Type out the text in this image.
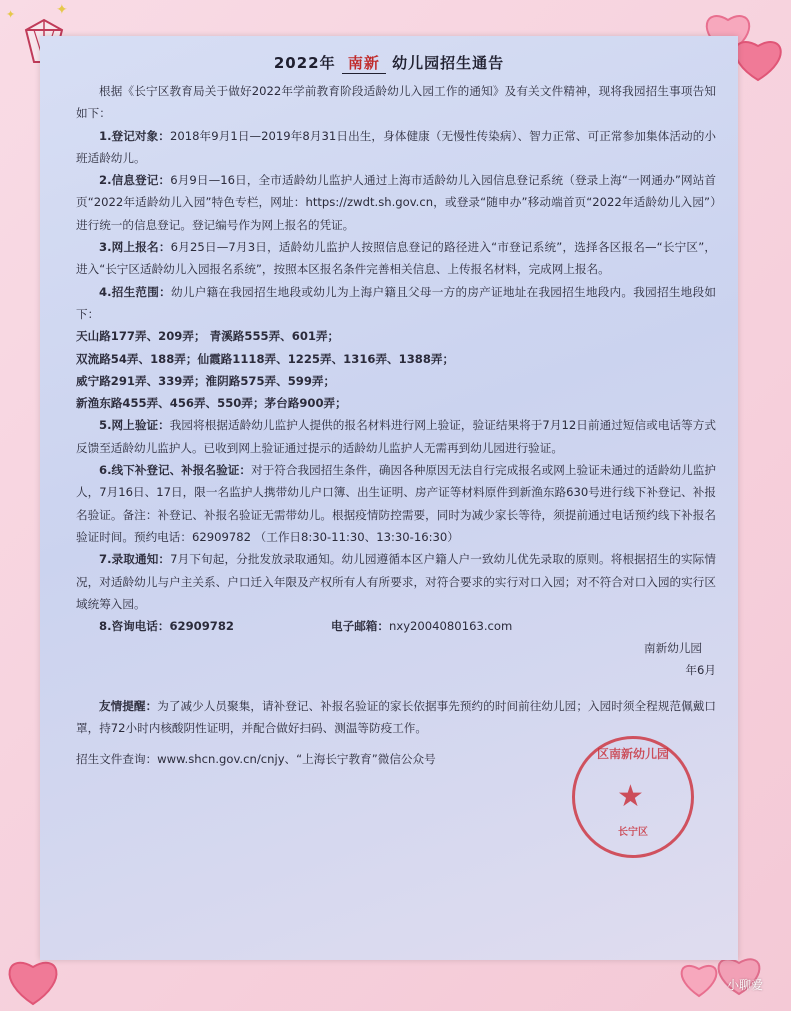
✦
✦
小聊爱
2022年 南新 幼儿园招生通告

根据《长宁区教育局关于做好2022年学前教育阶段适龄幼儿入园工作的通知》及有关文件精神，现将我园招生事项告知如下：

1.登记对象：2018年9月1日—2019年8月31日出生，身体健康（无慢性传染病）、智力正常、可正常参加集体活动的小班适龄幼儿。

2.信息登记：6月9日—16日，全市适龄幼儿监护人通过上海市适龄幼儿入园信息登记系统（登录上海“一网通办”网站首页“2022年适龄幼儿入园”特色专栏，网址：https://zwdt.sh.gov.cn，或登录“随申办”移动端首页“2022年适龄幼儿入园”）进行统一的信息登记。登记编号作为网上报名的凭证。

3.网上报名：6月25日—7月3日，适龄幼儿监护人按照信息登记的路径进入“市登记系统”，选择各区报名—“长宁区”，进入“长宁区适龄幼儿入园报名系统”，按照本区报名条件完善相关信息、上传报名材料，完成网上报名。

4.招生范围：幼儿户籍在我园招生地段或幼儿为上海户籍且父母一方的房产证地址在我园招生地段内。我园招生地段如下：

天山路177弄、209弄； 青溪路555弄、601弄；

双流路54弄、188弄；仙霞路1118弄、1225弄、1316弄、1388弄；

威宁路291弄、339弄；淮阴路575弄、599弄；

新渔东路455弄、456弄、550弄；茅台路900弄；

5.网上验证：我园将根据适龄幼儿监护人提供的报名材料进行网上验证，验证结果将于7月12日前通过短信或电话等方式反馈至适龄幼儿监护人。已收到网上验证通过提示的适龄幼儿监护人无需再到幼儿园进行验证。

6.线下补登记、补报名验证：对于符合我园招生条件，确因各种原因无法自行完成报名或网上验证未通过的适龄幼儿监护人，7月16日、17日，限一名监护人携带幼儿户口簿、出生证明、房产证等材料原件到新渔东路630号进行线下补登记、补报名验证。备注：补登记、补报名验证无需带幼儿。根据疫情防控需要，同时为减少家长等待，须提前通过电话预约线下补报名验证时间。预约电话：62909782 （工作日8:30-11:30、13:30-16:30）

7.录取通知：7月下旬起，分批发放录取通知。幼儿园遵循本区户籍人户一致幼儿优先录取的原则。将根据招生的实际情况，对适龄幼儿与户主关系、户口迁入年限及产权所有人有所要求，对符合要求的实行对口入园；对不符合对口入园的实行区域统筹入园。

8.咨询电话：62909782	电子邮箱：nxy2004080163.com
南新幼儿园
年6月

友情提醒：为了减少人员聚集，请补登记、补报名验证的家长依据事先预约的时间前往幼儿园；入园时须全程规范佩戴口罩，持72小时内核酸阴性证明，并配合做好扫码、测温等防疫工作。

招生文件查询：www.shcn.gov.cn/cnjy、“上海长宁教育”微信公众号	区南新幼儿园
★
长宁区
